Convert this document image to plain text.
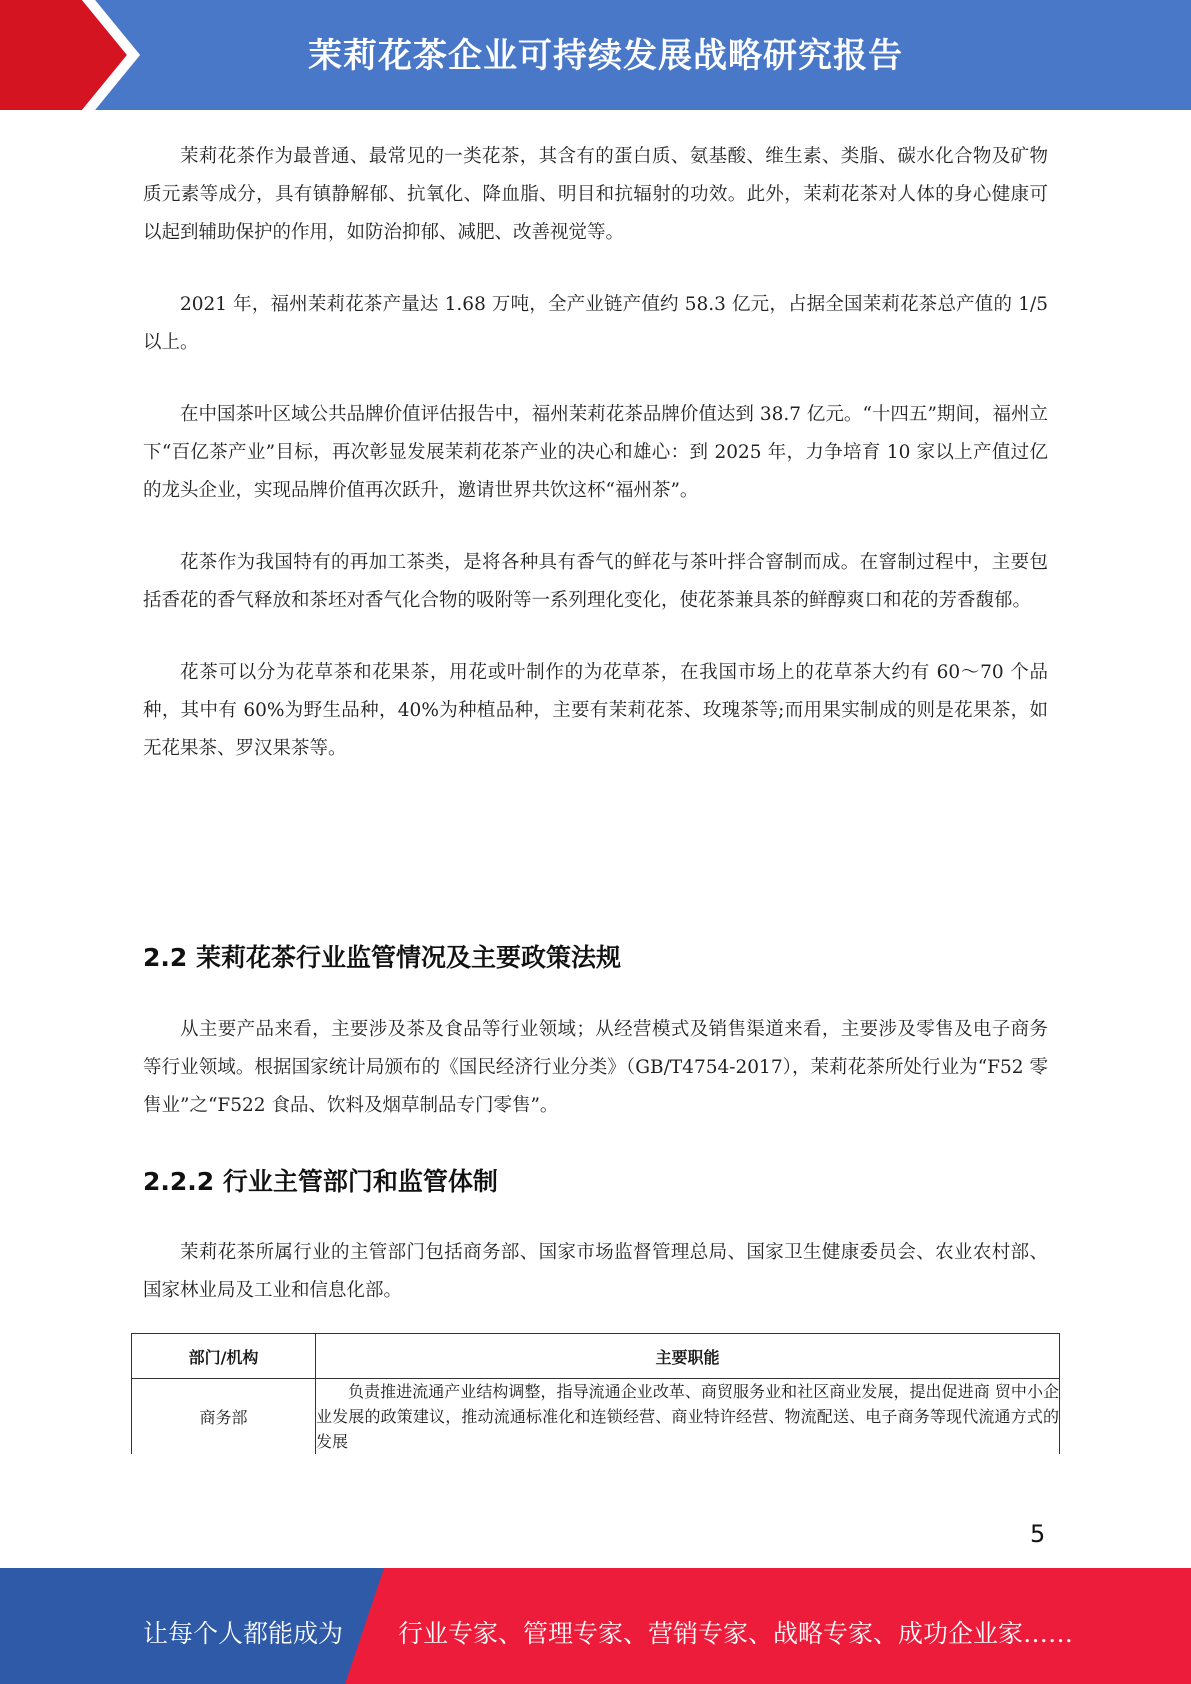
茉莉花茶企业可持续发展战略研究报告

茉莉花茶作为最普通、最常见的一类花茶，其含有的蛋白质、氨基酸、维生素、类脂、碳水化合物及矿物质元素等成分，具有镇静解郁、抗氧化、降血脂、明目和抗辐射的功效。此外，茉莉花茶对人体的身心健康可以起到辅助保护的作用，如防治抑郁、减肥、改善视觉等。

2021 年，福州茉莉花茶产量达 1.68 万吨，全产业链产值约 58.3 亿元，占据全国茉莉花茶总产值的 1/5 以上。

在中国茶叶区域公共品牌价值评估报告中，福州茉莉花茶品牌价值达到 38.7 亿元。“十四五”期间，福州立下“百亿茶产业”目标，再次彰显发展茉莉花茶产业的决心和雄心：到 2025 年，力争培育 10 家以上产值过亿的龙头企业，实现品牌价值再次跃升，邀请世界共饮这杯“福州茶”。

花茶作为我国特有的再加工茶类，是将各种具有香气的鲜花与茶叶拌合窨制而成。在窨制过程中，主要包括香花的香气释放和茶坯对香气化合物的吸附等一系列理化变化，使花茶兼具茶的鲜醇爽口和花的芳香馥郁。

花茶可以分为花草茶和花果茶，用花或叶制作的为花草茶，在我国市场上的花草茶大约有 60～70 个品种，其中有 60%为野生品种，40%为种植品种，主要有茉莉花茶、玫瑰茶等;而用果实制成的则是花果茶，如无花果茶、罗汉果茶等。

2.2 茉莉花茶行业监管情况及主要政策法规

从主要产品来看，主要涉及茶及食品等行业领域；从经营模式及销售渠道来看，主要涉及零售及电子商务等行业领域。根据国家统计局颁布的《国民经济行业分类》（GB/T4754-2017），茉莉花茶所处行业为“F52 零售业”之“F522 食品、饮料及烟草制品专门零售”。

2.2.2 行业主管部门和监管体制

茉莉花茶所属行业的主管部门包括商务部、国家市场监督管理总局、国家卫生健康委员会、农业农村部、国家林业局及工业和信息化部。

部门/机构	主要职能
商务部	负责推进流通产业结构调整，指导流通企业改革、商贸服务业和社区商业发展，提出促进商 贸中小企业发展的政策建议，推动流通标准化和连锁经营、商业特许经营、物流配送、电子商务等现代流通方式的发展
5
让每个人都能成为 行业专家、管理专家、营销专家、战略专家、成功企业家……
